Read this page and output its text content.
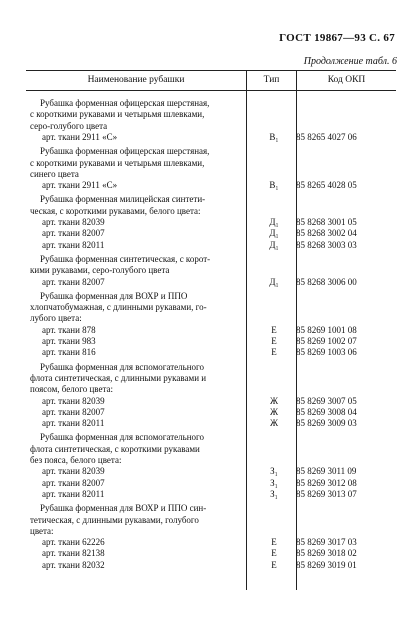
ГОСТ 19867—93 С. 67
Продолжение табл. 6
Наименование рубашки	Тип	Код ОКП
Рубашка форменная офицерская шерстяная,
с короткими рукавами и четырьмя шлевками,
серо-голубого цвета
арт. ткани 2911 «С»	В₁	85 8265 4027 06
Рубашка форменная офицерская шерстяная,
с короткими рукавами и четырьмя шлевками,
синего цвета
арт. ткани 2911 «С»	В₁	85 8265 4028 05
Рубашка форменная милицейская синтети-
ческая, с короткими рукавами, белого цвета:
арт. ткани 82039	Д₁	85 8268 3001 05
арт. ткани 82007	Д₁	85 8268 3002 04
арт. ткани 82011	Д₁	85 8268 3003 03
Рубашка форменная синтетическая, с корот-
кими рукавами, серо-голубого цвета
арт. ткани 82007	Д₁	85 8268 3006 00
Рубашка форменная для ВОХР и ППО
хлопчатобумажная, с длинными рукавами, го-
лубого цвета:
арт. ткани 878	Е	85 8269 1001 08
арт. ткани 983	Е	85 8269 1002 07
арт. ткани 816	Е	85 8269 1003 06
Рубашка форменная для вспомогательного
флота синтетическая, с длинными рукавами и
поясом, белого цвета:
арт. ткани 82039	Ж	85 8269 3007 05
арт. ткани 82007	Ж	85 8269 3008 04
арт. ткани 82011	Ж	85 8269 3009 03
Рубашка форменная для вспомогательного
флота синтетическая, с короткими рукавами
без пояса, белого цвета:
арт. ткани 82039	З₁	85 8269 3011 09
арт. ткани 82007	З₁	85 8269 3012 08
арт. ткани 82011	З₁	85 8269 3013 07
Рубашка форменная для ВОХР и ППО син-
тетическая, с длинными рукавами, голубого
цвета:
арт. ткани 62226	Е	85 8269 3017 03
арт. ткани 82138	Е	85 8269 3018 02
арт. ткани 82032	Е	85 8269 3019 01
